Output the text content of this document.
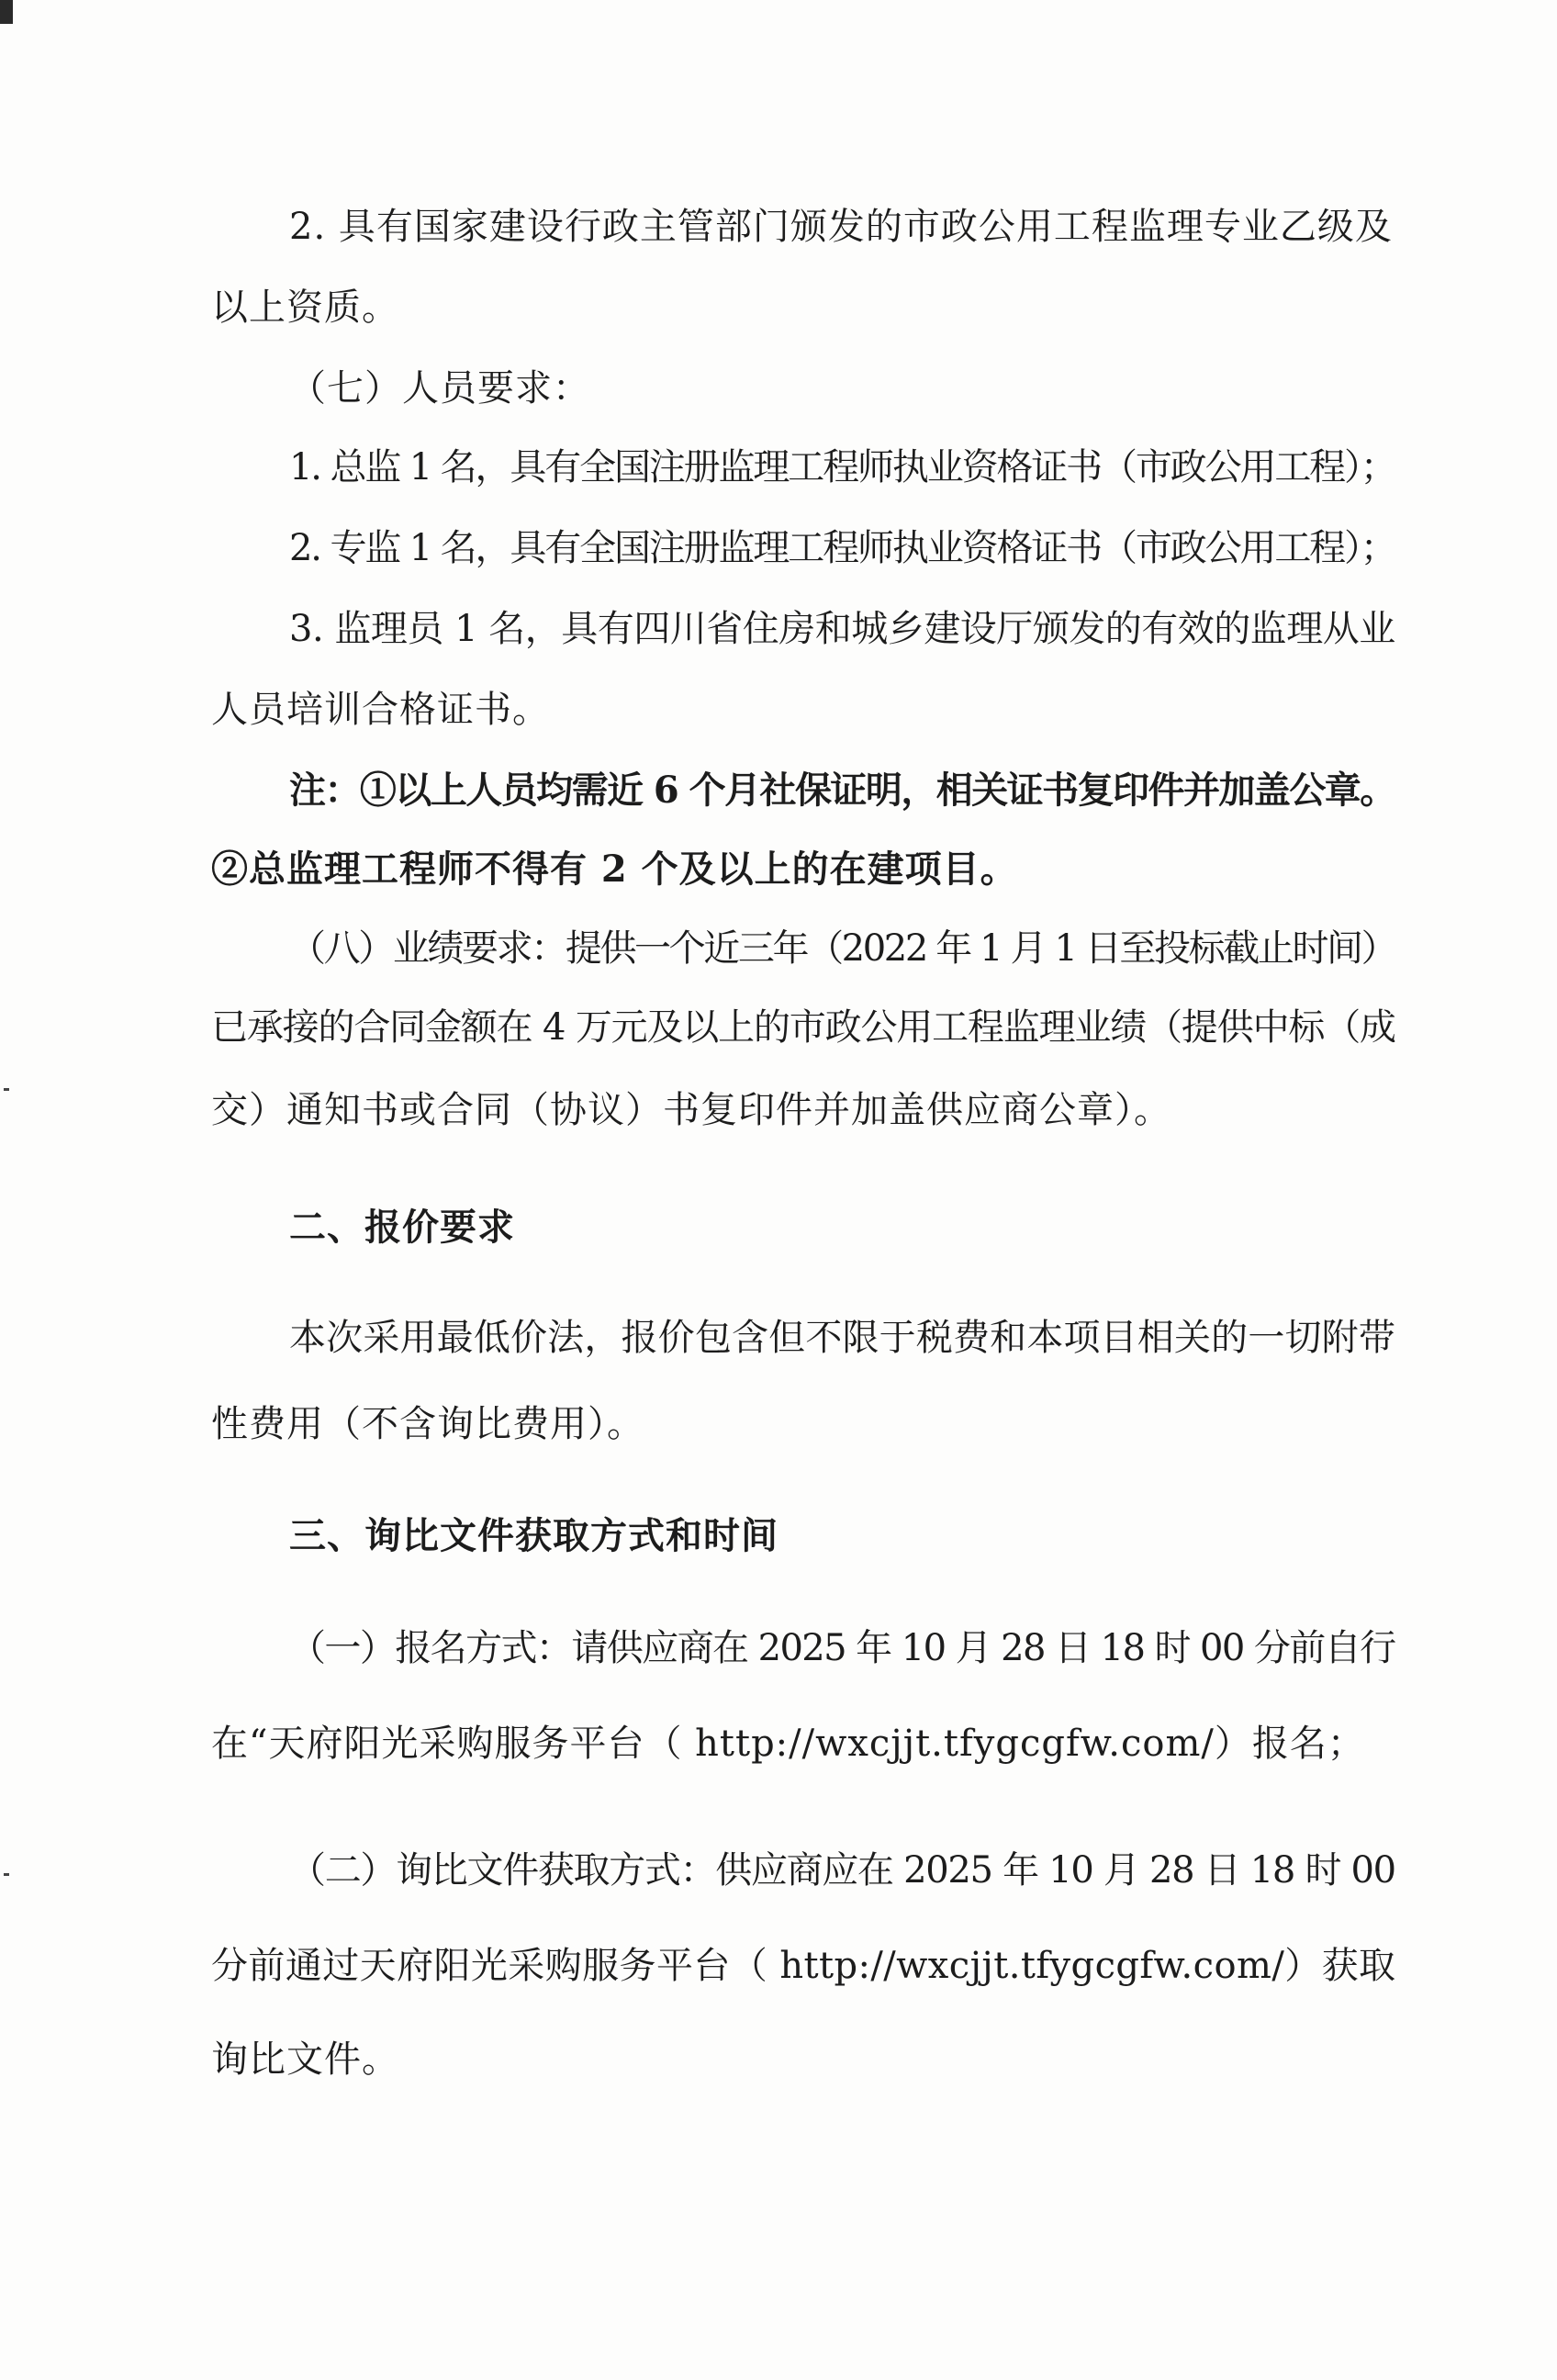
2. 具有国家建设行政主管部门颁发的市政公用工程监理专业乙级及
以上资质。
（七）人员要求：
1. 总监 1 名，具有全国注册监理工程师执业资格证书（市政公用工程）；
2. 专监 1 名，具有全国注册监理工程师执业资格证书（市政公用工程）；
3. 监理员 1 名，具有四川省住房和城乡建设厅颁发的有效的监理从业
人员培训合格证书。
注：①以上人员均需近 6 个月社保证明，相关证书复印件并加盖公章。
②总监理工程师不得有 2 个及以上的在建项目。
（八）业绩要求：提供一个近三年（2022 年 1 月 1 日至投标截止时间）
已承接的合同金额在 4 万元及以上的市政公用工程监理业绩（提供中标（成
交）通知书或合同（协议）书复印件并加盖供应商公章）。
二、报价要求
本次采用最低价法，报价包含但不限于税费和本项目相关的一切附带
性费用（不含询比费用）。
三、询比文件获取方式和时间
（一）报名方式：请供应商在 2025 年 10 月 28 日 18 时 00 分前自行
在“天府阳光采购服务平台（ http://wxcjjt.tfygcgfw.com/）报名；
（二）询比文件获取方式：供应商应在 2025 年 10 月 28 日 18 时 00
分前通过天府阳光采购服务平台（ http://wxcjjt.tfygcgfw.com/）获取
询比文件。
